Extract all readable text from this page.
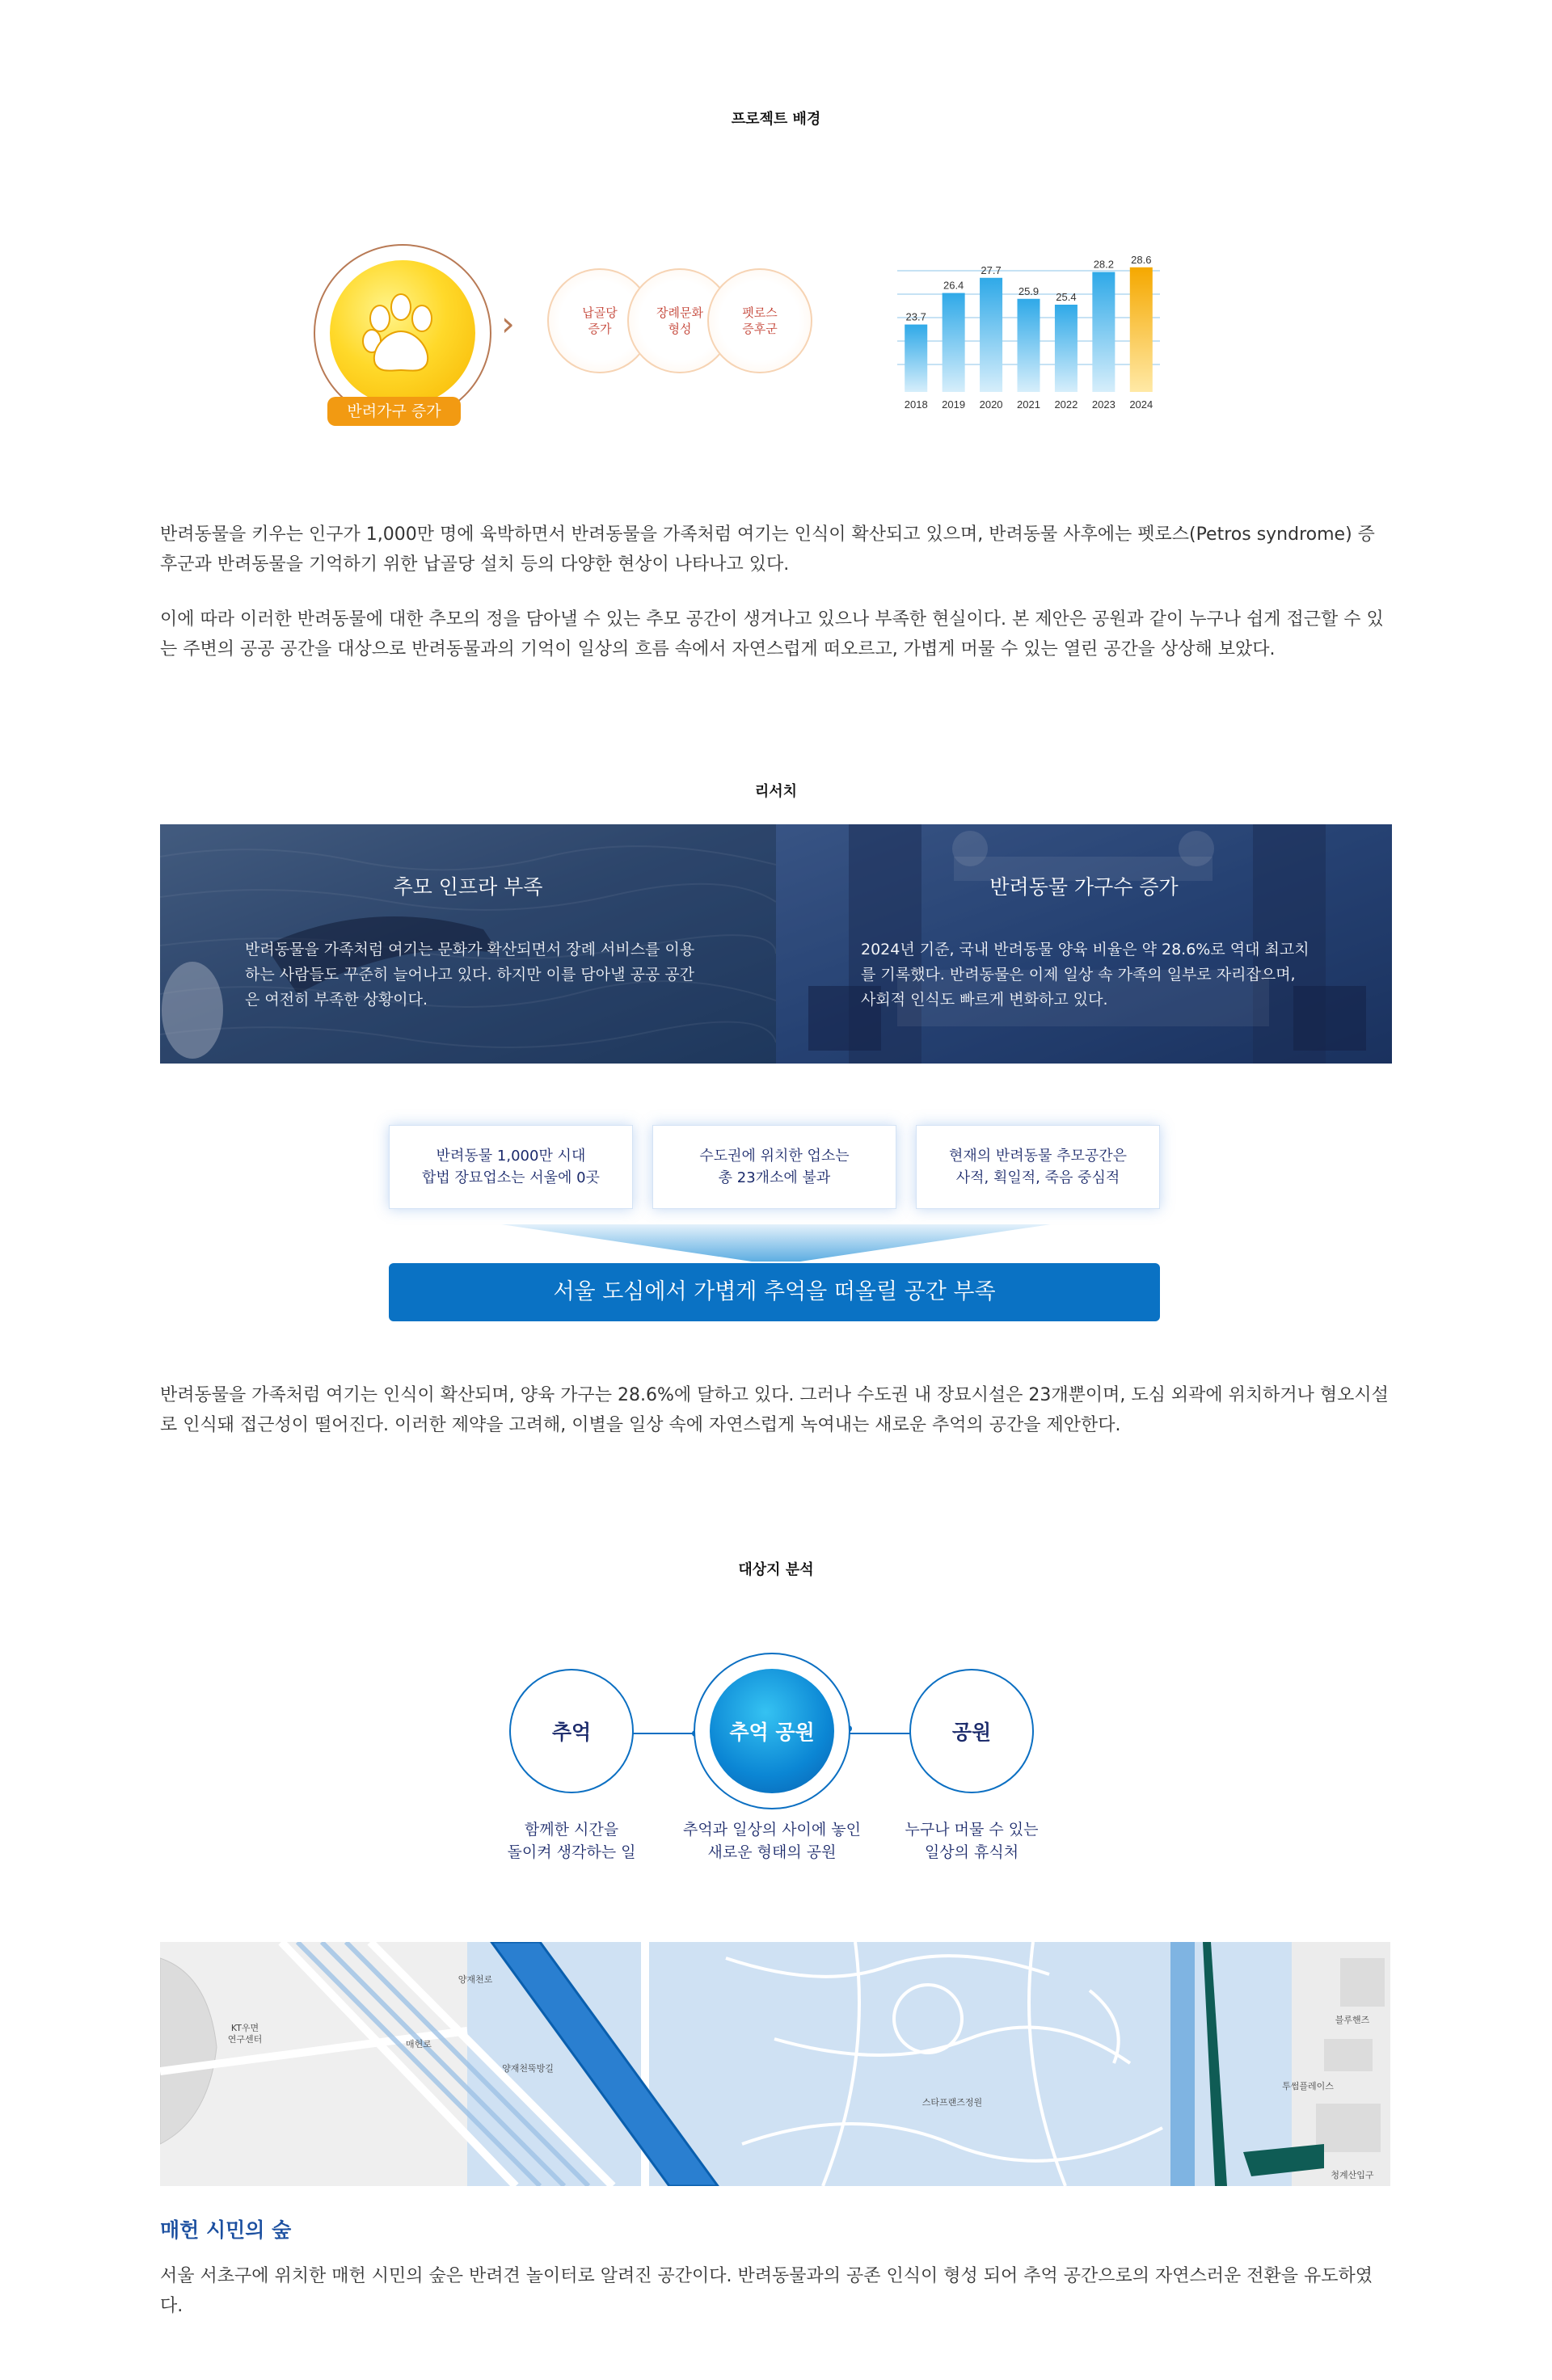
프로젝트 배경
반려가구 증가
›	납골당
증가
장례문화
형성
펫로스
증후군
23.7
2018
26.4
2019
27.7
2020
25.9
2021
25.4
2022
28.2
2023
28.6
2024
반려동물을 키우는 인구가 1,000만 명에 육박하면서 반려동물을 가족처럼 여기는 인식이 확산되고 있으며, 반려동물 사후에는 펫로스(Petros syndrome) 증후군과 반려동물을 기억하기 위한 납골당 설치 등의 다양한 현상이 나타나고 있다.
이에 따라 이러한 반려동물에 대한 추모의 정을 담아낼 수 있는 추모 공간이 생겨나고 있으나 부족한 현실이다. 본 제안은 공원과 같이 누구나 쉽게 접근할 수 있는 주변의 공공 공간을 대상으로 반려동물과의 기억이 일상의 흐름 속에서 자연스럽게 떠오르고, 가볍게 머물 수 있는 열린 공간을 상상해 보았다.
리서치
추모 인프라 부족

반려동물을 가족처럼 여기는 문화가 확산되면서 장례 서비스를 이용하는 사람들도 꾸준히 늘어나고 있다. 하지만 이를 담아낼 공공 공간은 여전히 부족한 상황이다.

반려동물 가구수 증가

2024년 기준, 국내 반려동물 양육 비율은 약 28.6%로 역대 최고치를 기록했다. 반려동물은 이제 일상 속 가족의 일부로 자리잡으며, 사회적 인식도 빠르게 변화하고 있다.

반려동물 1,000만 시대
합법 장묘업소는 서울에 0곳
수도권에 위치한 업소는
총 23개소에 불과
현재의 반려동물 추모공간은
사적, 획일적, 죽음 중심적
서울 도심에서 가볍게 추억을 떠올릴 공간 부족
반려동물을 가족처럼 여기는 인식이 확산되며, 양육 가구는 28.6%에 달하고 있다. 그러나 수도권 내 장묘시설은 23개뿐이며, 도심 외곽에 위치하거나 혐오시설로 인식돼 접근성이 떨어진다. 이러한 제약을 고려해, 이별을 일상 속에 자연스럽게 녹여내는 새로운 추억의 공간을 제안한다.
대상지 분석
추억	추억 공원	공원
함께한 시간을
돌이켜 생각하는 일
추억과 일상의 사이에 놓인
새로운 형태의 공원
누구나 머물 수 있는
일상의 휴식처
KT우면
연구센터
스타프랜즈정원
블루핸즈
투썸플레이스
청계산입구
양재천로
매헌로
양재천뚝방길
매헌 시민의 숲
서울 서초구에 위치한 매헌 시민의 숲은 반려견 놀이터로 알려진 공간이다. 반려동물과의 공존 인식이 형성 되어 추억 공간으로의 자연스러운 전환을 유도하였다.
